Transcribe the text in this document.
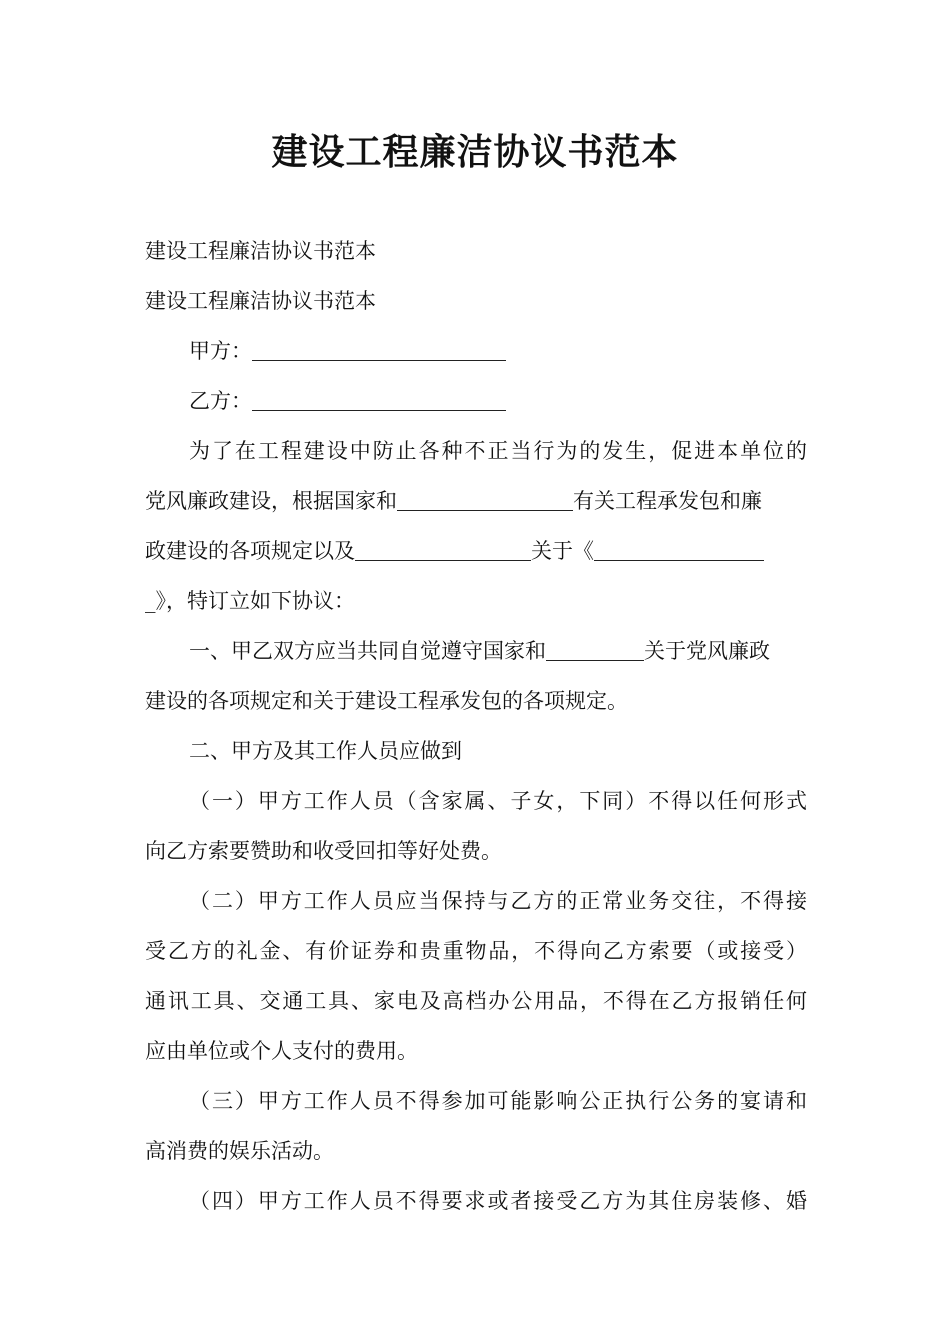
建设工程廉洁协议书范本
建设工程廉洁协议书范本
建设工程廉洁协议书范本
甲方：
乙方：
为了在工程建设中防止各种不正当行为的发生，促进本单位的
党风廉政建设，根据国家和	有关工程承发包和廉
政建设的各项规定以及	关于《
_》，特订立如下协议：
一、甲乙双方应当共同自觉遵守国家和	关于党风廉政
建设的各项规定和关于建设工程承发包的各项规定。
二、甲方及其工作人员应做到
（一）甲方工作人员（含家属、子女，下同）不得以任何形式
向乙方索要赞助和收受回扣等好处费。
（二）甲方工作人员应当保持与乙方的正常业务交往，不得接
受乙方的礼金、有价证券和贵重物品，不得向乙方索要（或接受）
通讯工具、交通工具、家电及高档办公用品，不得在乙方报销任何
应由单位或个人支付的费用。
（三）甲方工作人员不得参加可能影响公正执行公务的宴请和
高消费的娱乐活动。
（四）甲方工作人员不得要求或者接受乙方为其住房装修、婚
